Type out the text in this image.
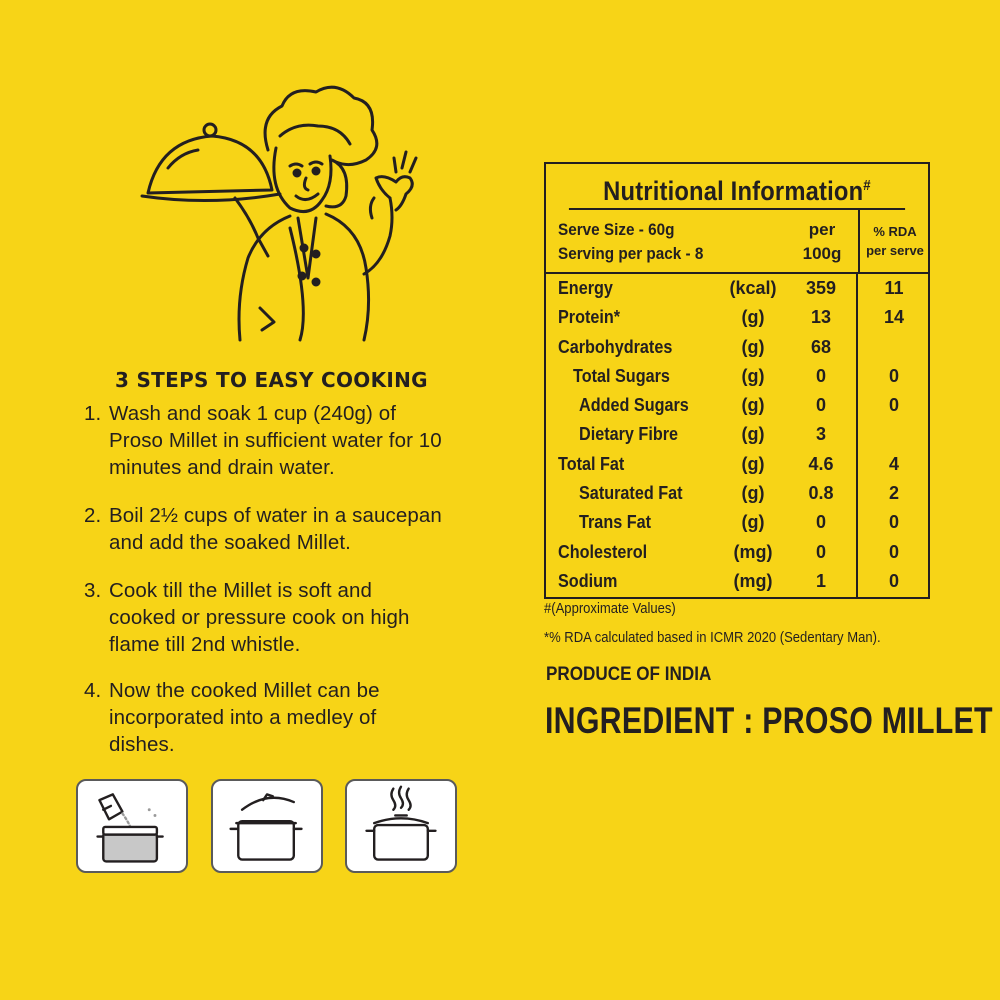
3 STEPS TO EASY COOKING
1. Wash and soak 1 cup (240g) of Proso Millet in sufficient water for 10 minutes and drain water.
2. Boil 2½ cups of water in a saucepan and add the soaked Millet.
3. Cook till the Millet is soft and cooked or pressure cook on high flame till 2nd whistle.
4. Now the cooked Millet can be incorporated into a medley of dishes.
Nutritional Information#
Serve Size - 60g
Serving per pack - 8
per
100g
% RDA
per serve
Energy	(kcal)	359	11
Protein*	(g)	13	14
Carbohydrates	(g)	68
Total Sugars	(g)	0	0
Added Sugars	(g)	0	0
Dietary Fibre	(g)	3
Total Fat	(g)	4.6	4
Saturated Fat	(g)	0.8	2
Trans Fat	(g)	0	0
Cholesterol	(mg)	0	0
Sodium	(mg)	1	0
#(Approximate Values)
*% RDA calculated based in ICMR 2020 (Sedentary Man).
PRODUCE OF INDIA
INGREDIENT : PROSO MILLET
